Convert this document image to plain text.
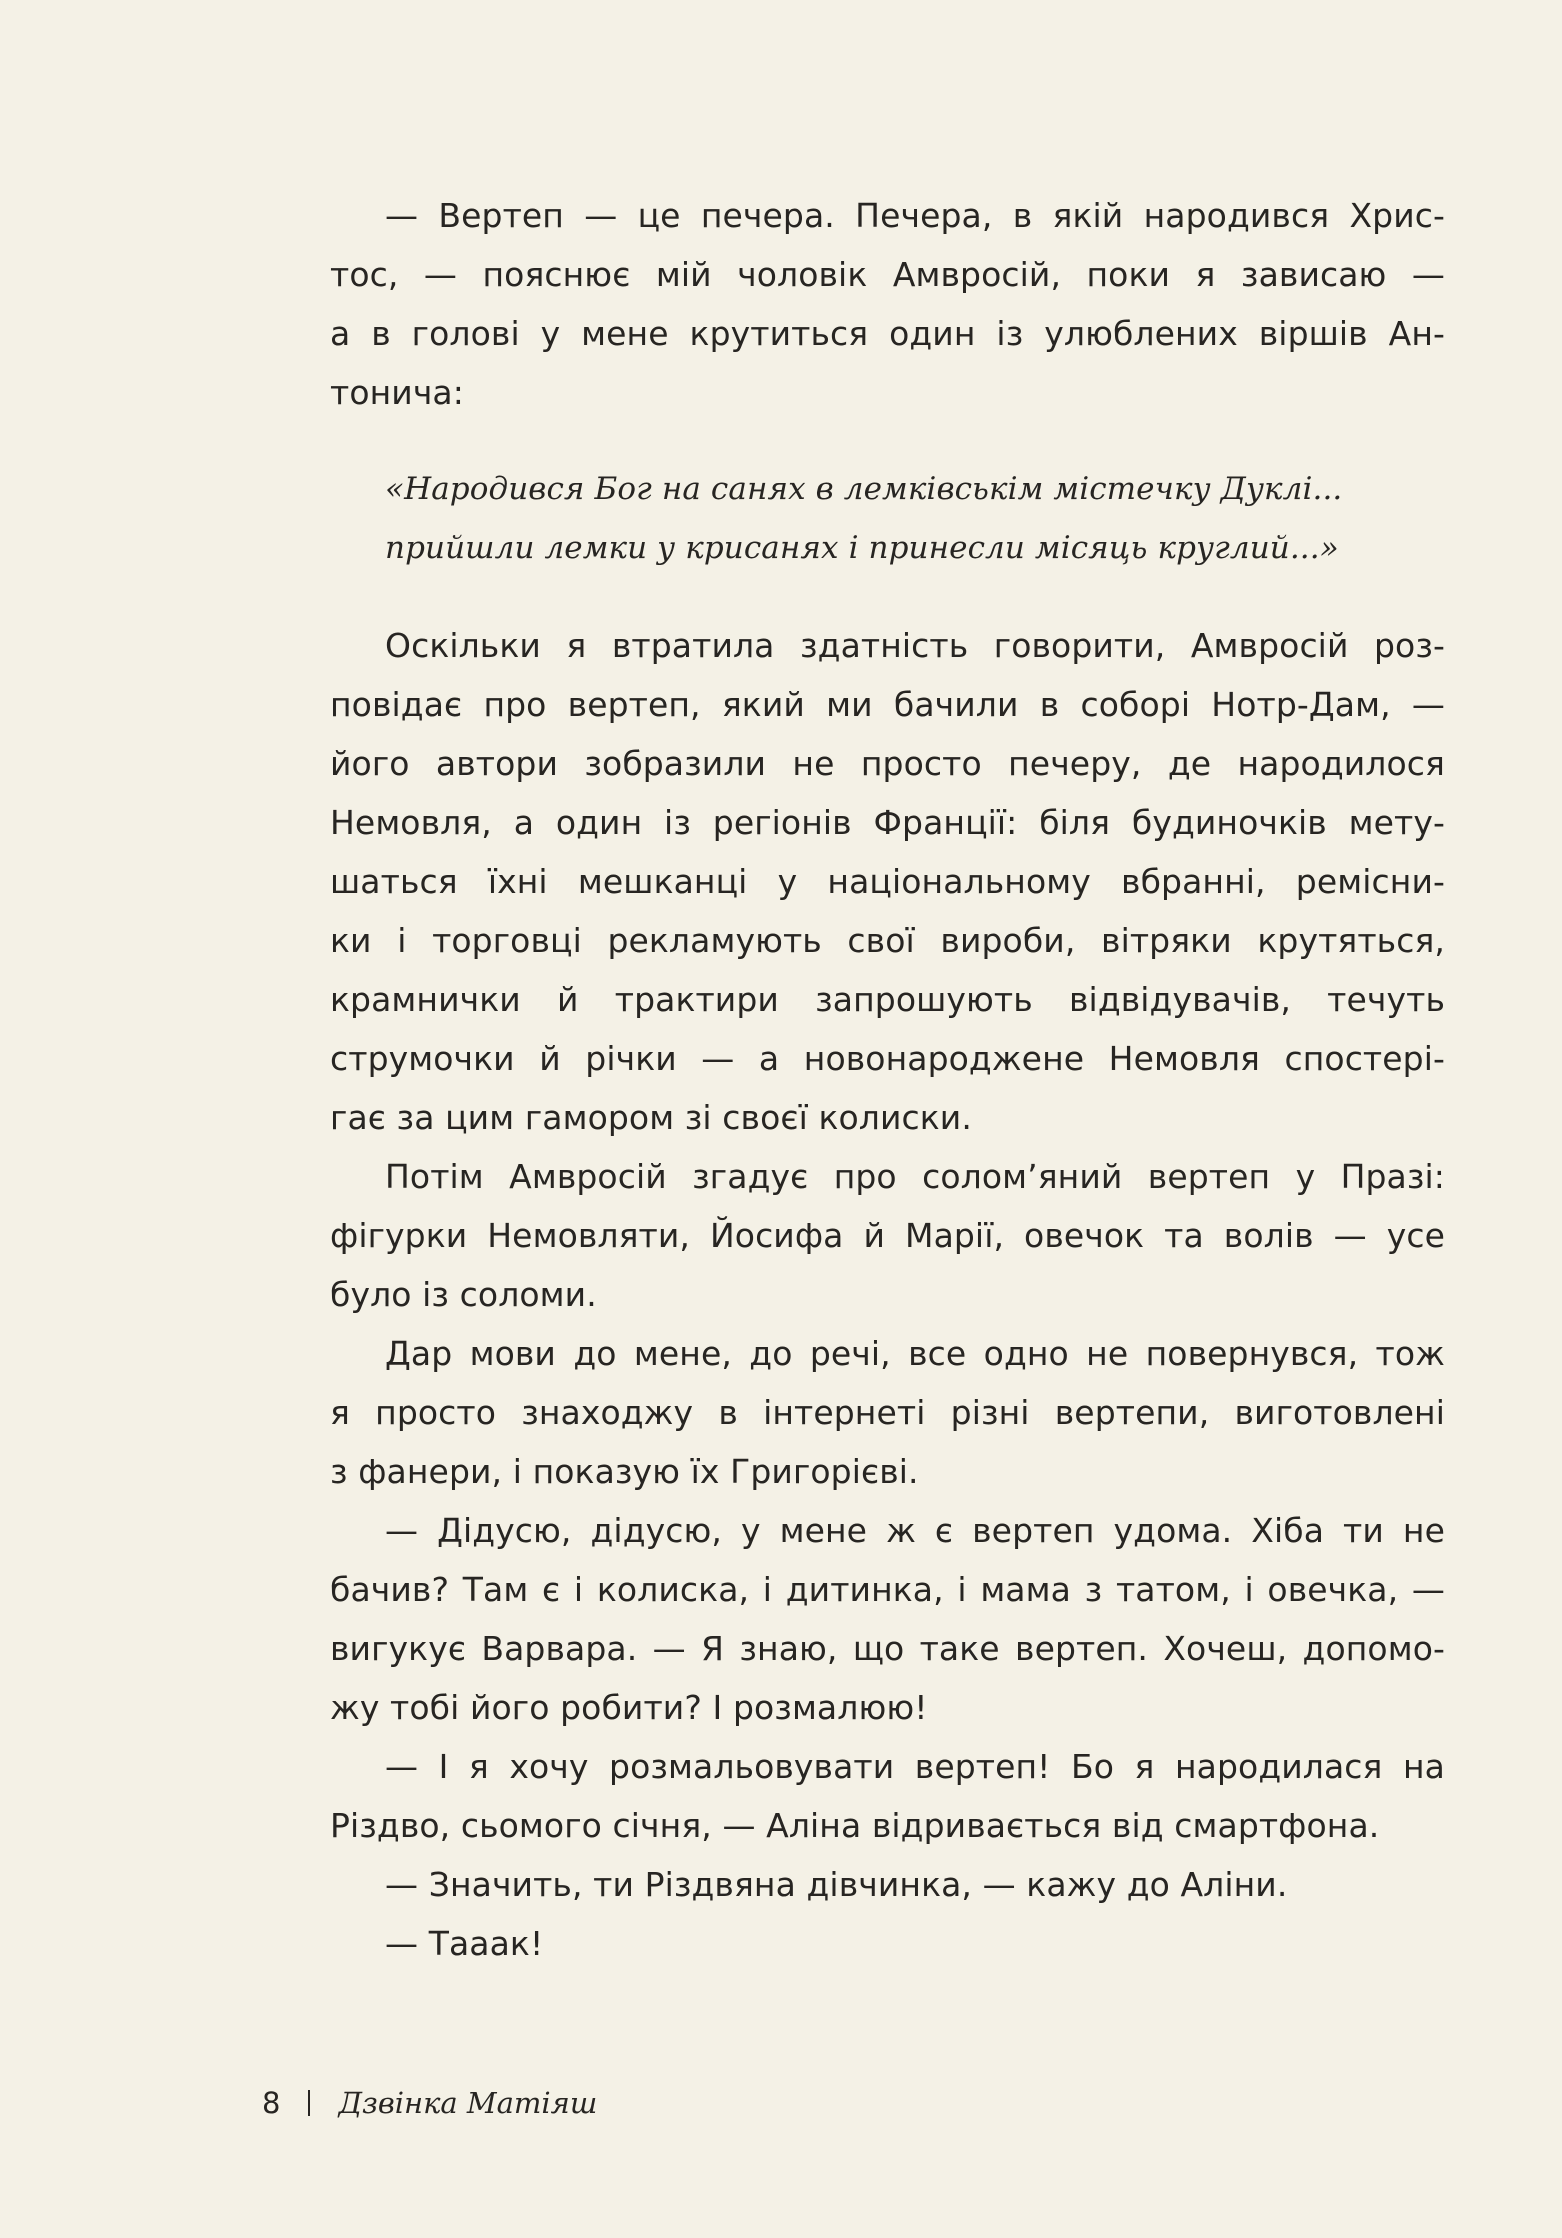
— Вертеп — це печера. Печера, в якій народився Хрис-
тос, — пояснює мій чоловік Амвросій, поки я зависаю —
а в голові у мене крутиться один із улюблених віршів Ан-
тонича:
«Народився Бог на санях в лемківськім містечку Дуклі...
прийшли лемки у крисанях і принесли місяць круглий...»
Оскільки я втратила здатність говорити, Амвросій роз-
повідає про вертеп, який ми бачили в соборі Нотр-Дам, —
його автори зобразили не просто печеру, де народилося
Немовля, а один із регіонів Франції: біля будиночків мету-
шаться їхні мешканці у національному вбранні, ремісни-
ки і торговці рекламують свої вироби, вітряки крутяться,
крамнички й трактири запрошують відвідувачів, течуть
струмочки й річки — а новонароджене Немовля спостері-
гає за цим гамором зі своєї колиски.
Потім Амвросій згадує про солом’яний вертеп у Празі:
фігурки Немовляти, Йосифа й Марії, овечок та волів — усе
було із соломи.
Дар мови до мене, до речі, все одно не повернувся, тож
я просто знаходжу в інтернеті різні вертепи, виготовлені
з фанери, і показую їх Григорієві.
— Дідусю, дідусю, у мене ж є вертеп удома. Хіба ти не
бачив? Там є і колиска, і дитинка, і мама з татом, і овечка, —
вигукує Варвара. — Я знаю, що таке вертеп. Хочеш, допомо-
жу тобі його робити? І розмалюю!
— І я хочу розмальовувати вертеп! Бо я народилася на
Різдво, сьомого січня, — Аліна відривається від смартфона.
— Значить, ти Різдвяна дівчинка, — кажу до Аліни.
— Тааак!
8 Дзвінка Матіяш
